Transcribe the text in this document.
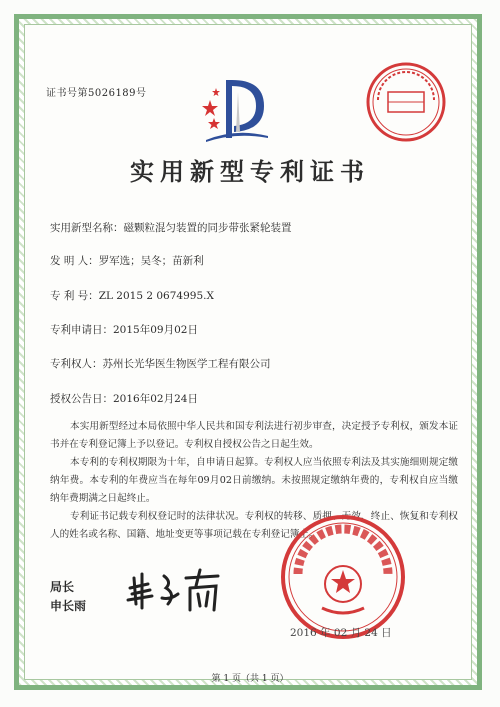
证书号第5026189号
实用新型专利证书
实用新型名称：磁颗粒混匀装置的同步带张紧轮装置
发 明 人：罗军选；吴冬；苗新利
专 利 号：ZL 2015 2 0674995.X
专利申请日：2015年09月02日
专利权人：苏州长光华医生物医学工程有限公司
授权公告日：2016年02月24日

本实用新型经过本局依照中华人民共和国专利法进行初步审查，决定授予专利权，颁发本证书并在专利登记簿上予以登记。专利权自授权公告之日起生效。

本专利的专利权期限为十年，自申请日起算。专利权人应当依照专利法及其实施细则规定缴纳年费。本专利的年费应当在每年09月02日前缴纳。未按照规定缴纳年费的，专利权自应当缴纳年费期满之日起终止。

专利证书记载专利权登记时的法律状况。专利权的转移、质押、无效、终止、恢复和专利权人的姓名或名称、国籍、地址变更等事项记载在专利登记簿上。

局长
申长雨
2016 年 02 月 24 日
第 1 页（共 1 页）
